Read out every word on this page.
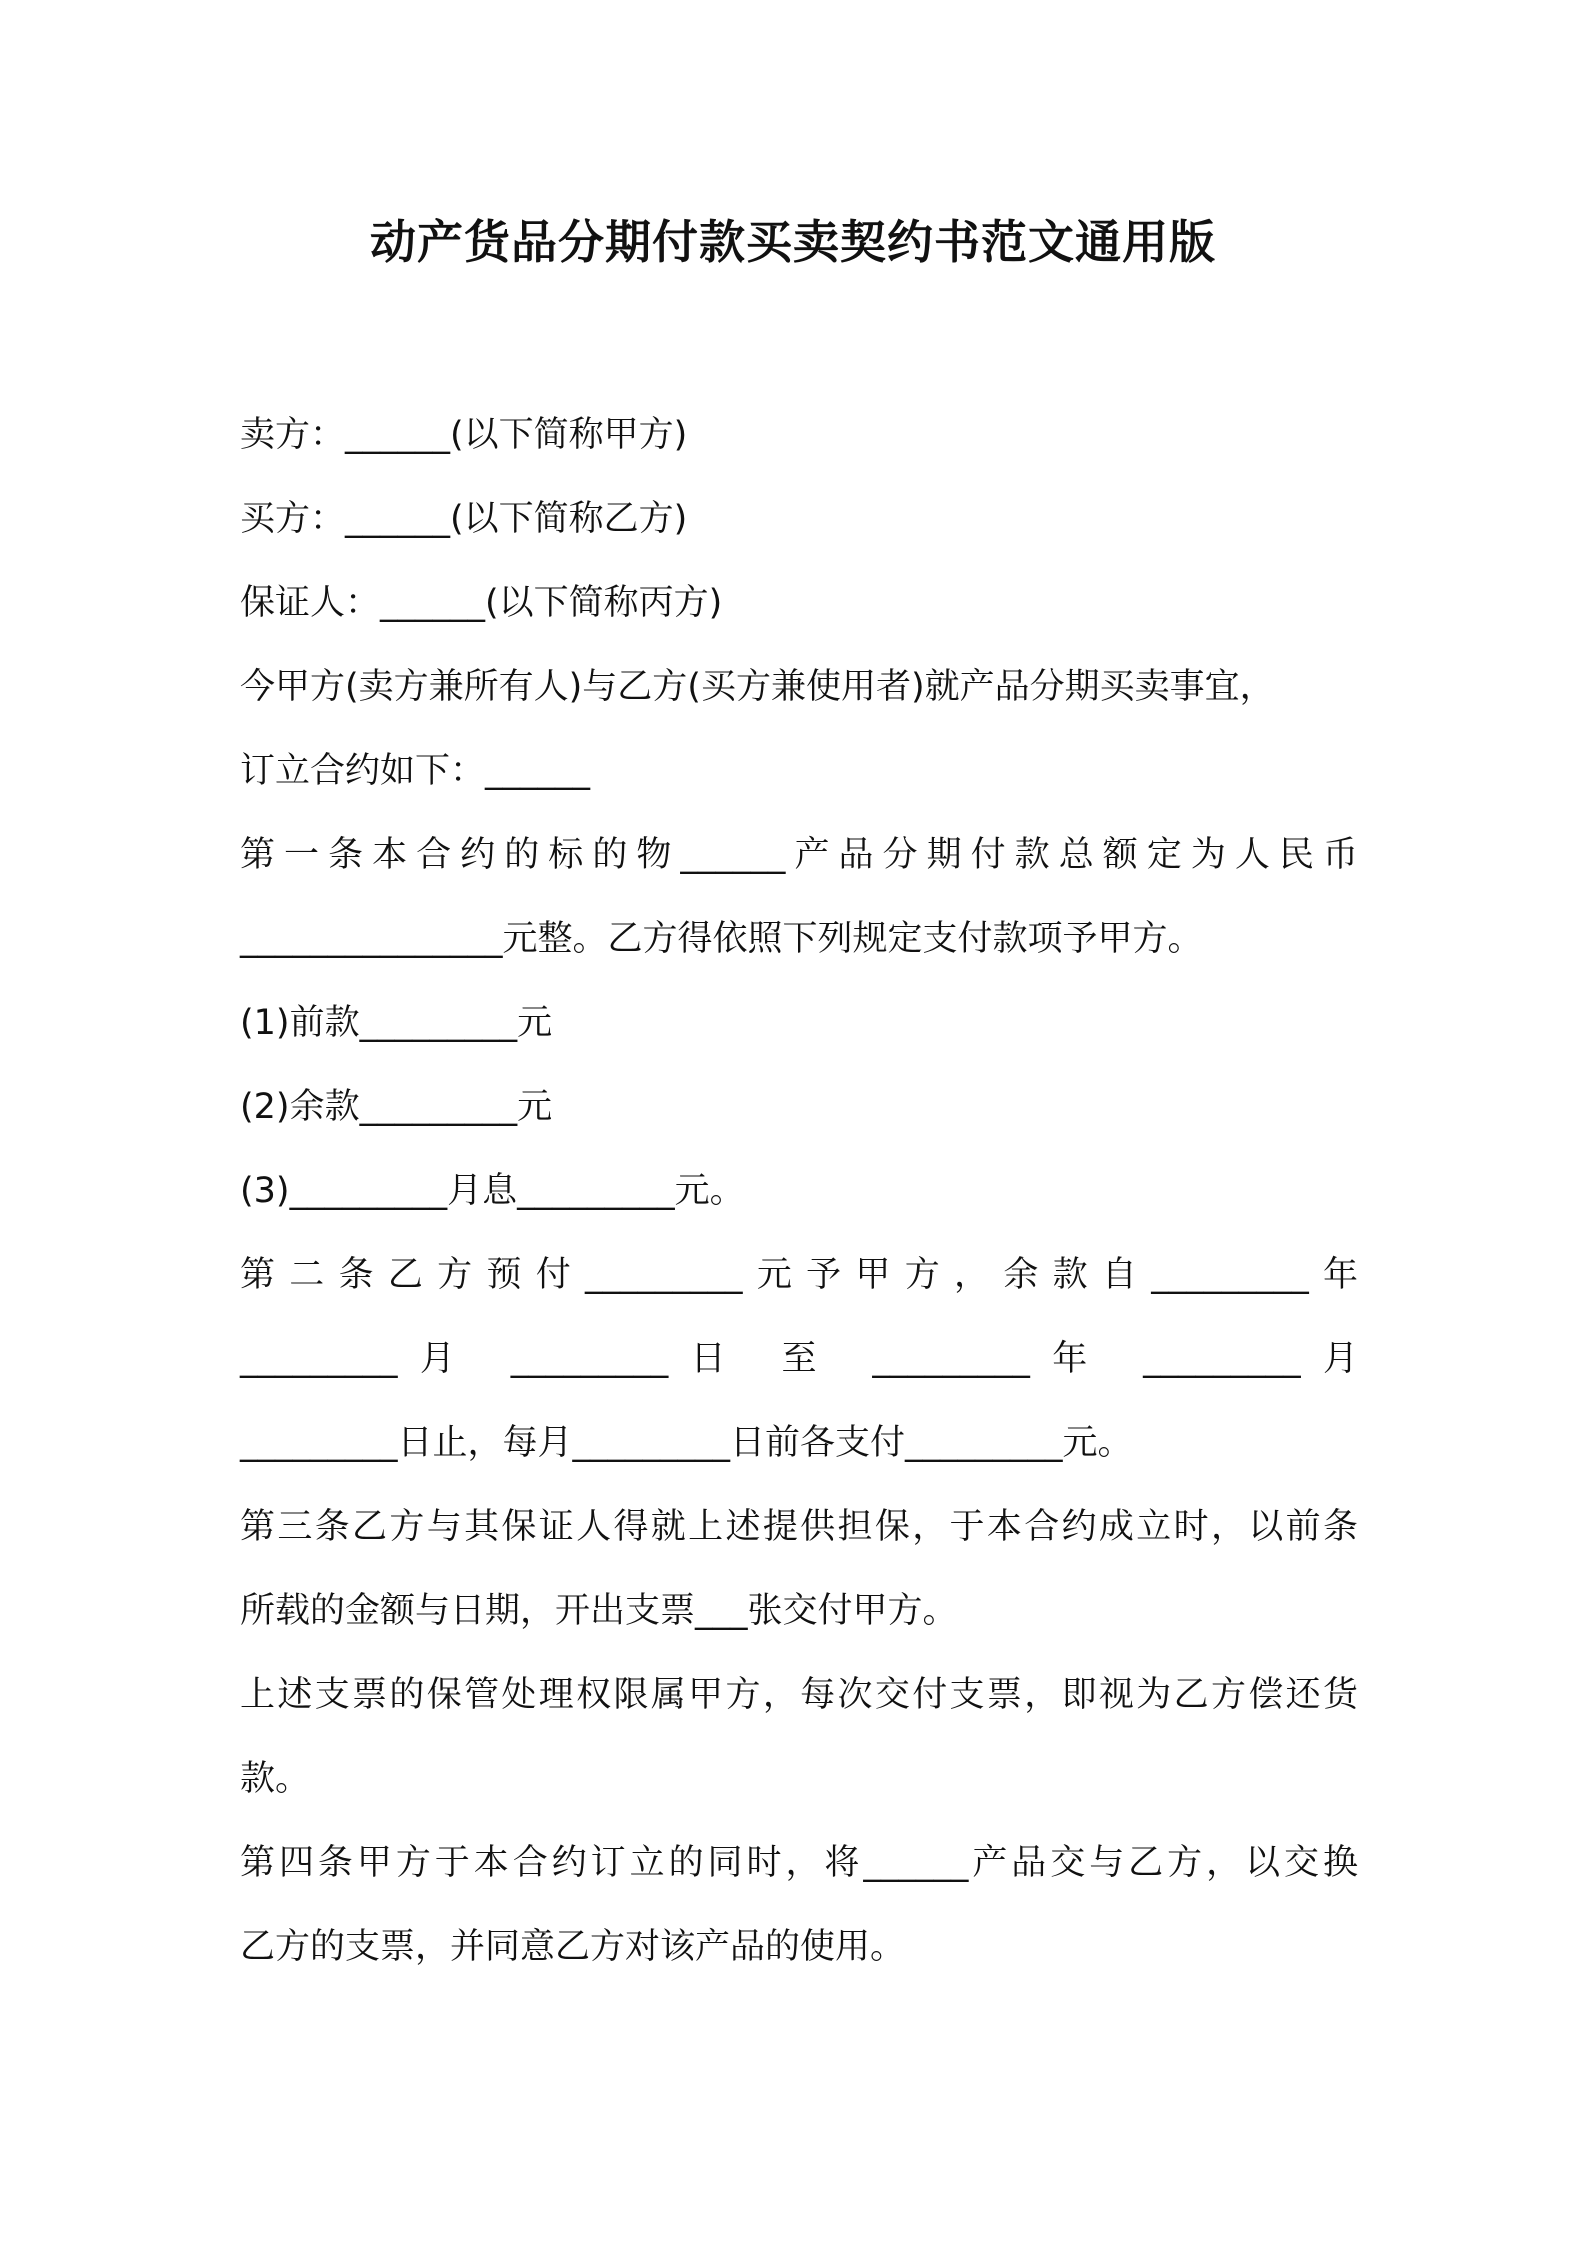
动产货品分期付款买卖契约书范文通用版
卖方：______(以下简称甲方)
买方：______(以下简称乙方)
保证人：______(以下简称丙方)
今甲方(卖方兼所有人)与乙方(买方兼使用者)就产品分期买卖事宜，
订立合约如下：______
第一条本合约的标的物______产品分期付款总额定为人民币
_______________元整。乙方得依照下列规定支付款项予甲方。
(1)前款_________元
(2)余款_________元
(3)_________月息_________元。
第二条乙方预付_________元予甲方，余款自_________年
_________月 _________日 至 _________年 _________月
_________日止，每月_________日前各支付_________元。
第三条乙方与其保证人得就上述提供担保，于本合约成立时，以前条
所载的金额与日期，开出支票___张交付甲方。
上述支票的保管处理权限属甲方，每次交付支票，即视为乙方偿还货
款。
第四条甲方于本合约订立的同时，将______产品交与乙方，以交换
乙方的支票，并同意乙方对该产品的使用。
